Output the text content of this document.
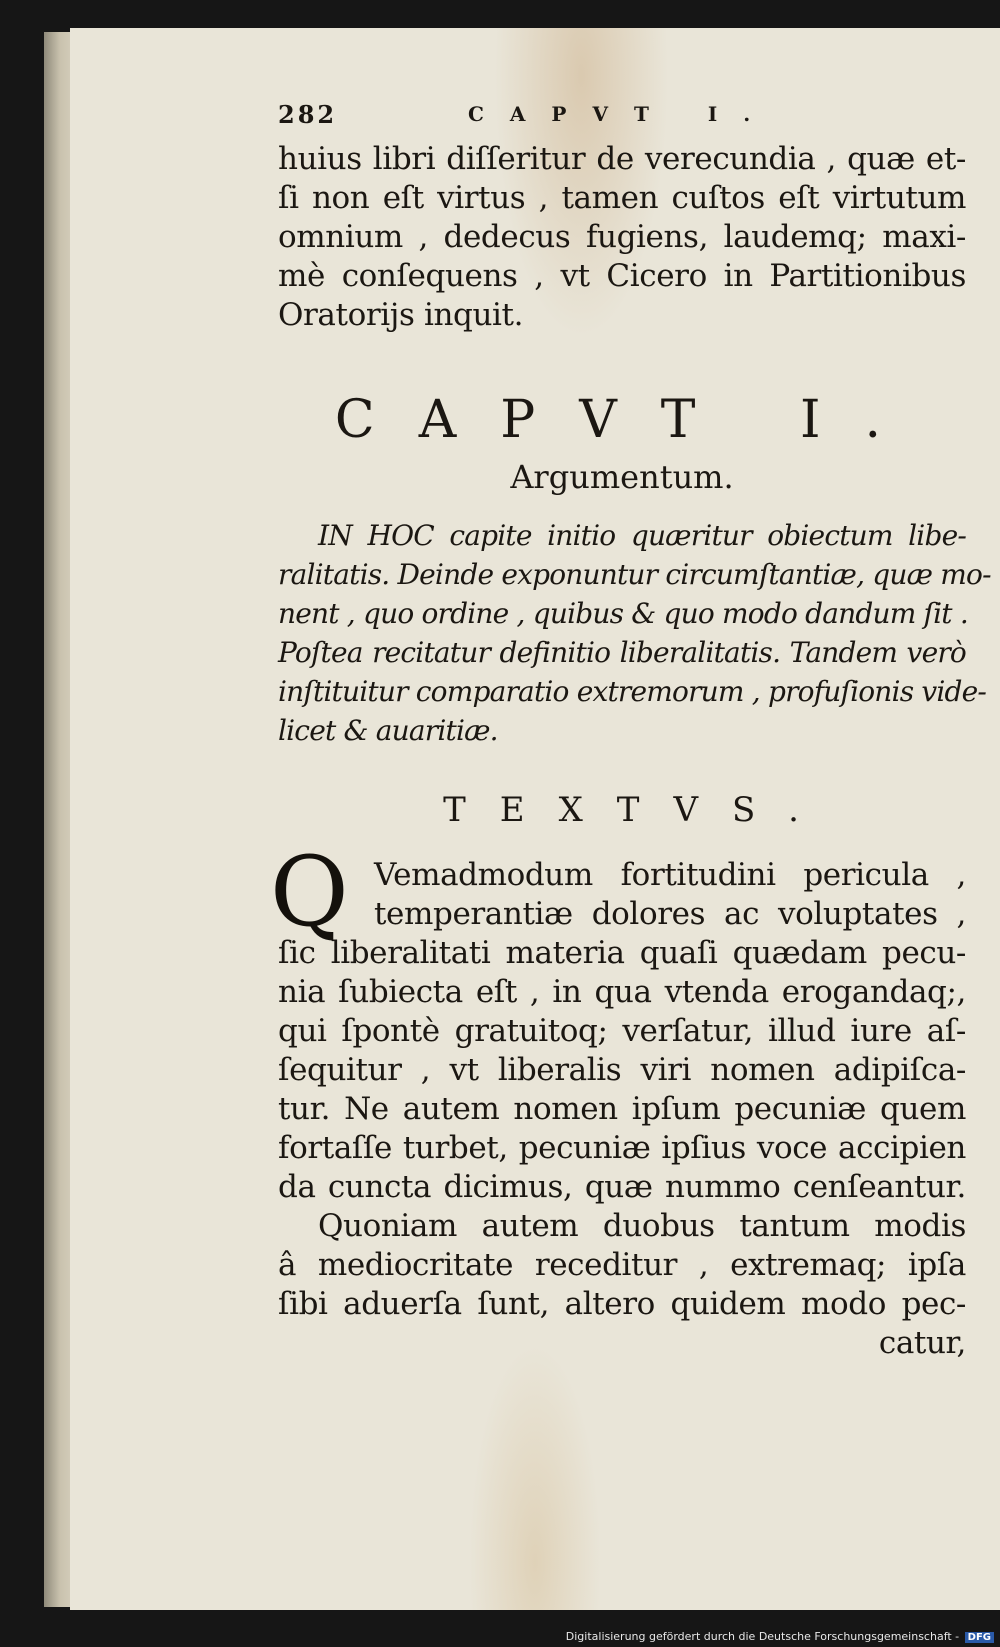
282	CAPVT I.
huius libri diſſeritur de verecundia , quæ et-
ſi non eſt virtus , tamen cuſtos eſt virtutum
omnium , dedecus fugiens, laudemq; maxi-
mè conſequens , vt Cicero in Partitionibus
Oratorijs inquit.
CAPVT I.
Argumentum.
IN HOC capite initio quæritur obiectum libe-
ralitatis. Deinde exponuntur circumſtantiæ, quæ mo-
nent , quo ordine , quibus & quo modo dandum ſit .
Poſtea recitatur definitio liberalitatis. Tandem verò
inſtituitur comparatio extremorum , profuſionis vide-
licet & auaritiæ.
TEXTVS.
Q Vemadmodum fortitudini pericula ,
temperantiæ dolores ac voluptates ,
ſic liberalitati materia quaſi quædam pecu-
nia ſubiecta eſt , in qua vtenda erogandaq;,
qui ſpontè gratuitoq; verſatur, illud iure aſ-
ſequitur , vt liberalis viri nomen adipiſca-
tur. Ne autem nomen ipſum pecuniæ quem
fortaſſe turbet, pecuniæ ipſius voce accipien
da cuncta dicimus, quæ nummo cenſeantur.
Quoniam autem duobus tantum modis
â mediocritate receditur , extremaq; ipſa
ſibi aduerſa ſunt, altero quidem modo pec-
catur,
Digitalisierung gefördert durch die Deutsche Forschungsgemeinschaft - DFG
